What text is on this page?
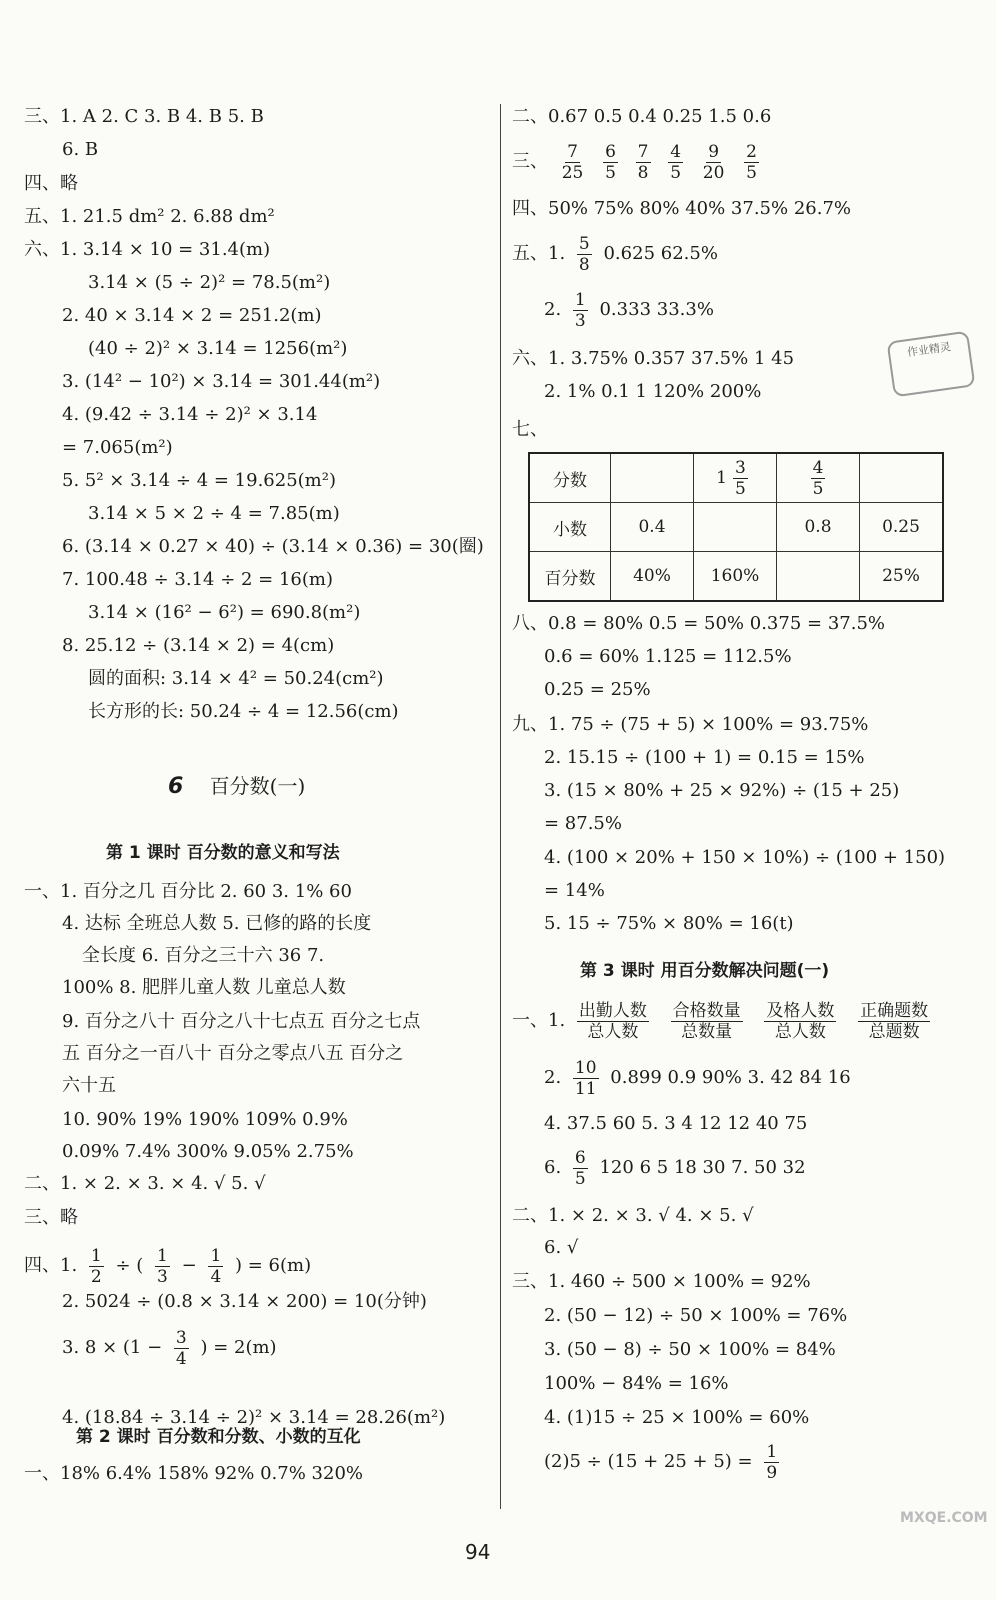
三、1. A 2. C 3. B 4. B 5. B
6. B
四、略
五、1. 21.5 dm² 2. 6.88 dm²
六、1. 3.14 × 10 = 31.4(m)
3.14 × (5 ÷ 2)² = 78.5(m²)
2. 40 × 3.14 × 2 = 251.2(m)
(40 ÷ 2)² × 3.14 = 1256(m²)
3. (14² − 10²) × 3.14 = 301.44(m²)
4. (9.42 ÷ 3.14 ÷ 2)² × 3.14
= 7.065(m²)
5. 5² × 3.14 ÷ 4 = 19.625(m²)
3.14 × 5 × 2 ÷ 4 = 7.85(m)
6. (3.14 × 0.27 × 40) ÷ (3.14 × 0.36) = 30(圈)
7. 100.48 ÷ 3.14 ÷ 2 = 16(m)
3.14 × (16² − 6²) = 690.8(m²)
8. 25.12 ÷ (3.14 × 2) = 4(cm)
圆的面积: 3.14 × 4² = 50.24(cm²)
长方形的长: 50.24 ÷ 4 = 12.56(cm)
6 百分数(一)
第 1 课时 百分数的意义和写法
一、1. 百分之几 百分比 2. 60 3. 1% 60
4. 达标 全班总人数 5. 已修的路的长度
全长度 6. 百分之三十六 36 7.
100% 8. 肥胖儿童人数 儿童总人数
9. 百分之八十 百分之八十七点五 百分之七点
五 百分之一百八十 百分之零点八五 百分之
六十五
10. 90% 19% 190% 109% 0.9%
0.09% 7.4% 300% 9.05% 2.75%
二、1. × 2. × 3. × 4. √ 5. √
三、略
四、1. $\frac{1}{2}$ ÷ ( $\frac{1}{3} - \frac{1}{4}$ ) = 6(m)
2. 5024 ÷ (0.8 × 3.14 × 200) = 10(分钟)
3. $8 \times (1 - \frac{3}{4}$ ) = 2(m)
4. (18.84 ÷ 3.14 ÷ 2)² × 3.14 = 28.26(m²)
第 2 课时 百分数和分数、小数的互化
一、18% 6.4% 158% 92% 0.7% 320%
二、0.67 0.5 0.4 0.25 1.5 0.6
三、 $\frac{7}{25}$
$\frac{6}{5}$
$\frac{7}{8}$
$\frac{4}{5}$
$\frac{9}{20}$
$\frac{2}{5}$
四、50% 75% 80% 40% 37.5% 26.7%
五、1. $\frac{5}{8} 0.625$ 62.5%
2. $\frac{1}{3} 0.333$ 33.3%
六、1. 3.75% 0.357 37.5% 1 45
2. 1% 0.1 1 120% 200%
七、
分数		$1 \frac{3}{5}$	$\frac{4}{5}$

小数	0.4		0.8	0.25
百分数	40%	160%		25%
八、0.8 = 80% 0.5 = 50% 0.375 = 37.5%
0.6 = 60% 1.125 = 112.5%
0.25 = 25%
九、1. 75 ÷ (75 + 5) × 100% = 93.75%
2. 15.15 ÷ (100 + 1) = 0.15 = 15%
3. (15 × 80% + 25 × 92%) ÷ (15 + 25)
= 87.5%
4. (100 × 20% + 150 × 10%) ÷ (100 + 150)
= 14%
5. 15 ÷ 75% × 80% = 16(t)
第 3 课时 用百分数解决问题(一)
一、1. $\frac{\text{出勤人数}}{\text{总人数}}$
$\frac{\text{合格数量}}{\text{总数量}}$
$\frac{\text{及格人数}}{\text{总人数}}$
$\frac{\text{正确题数}}{\text{总题数}}$
2. $\frac{10}{11} 0.899$ 0.9 90% 3. 42 84 16
4. 37.5 60 5. 3 4 12 12 40 75
6. $\frac{6}{5} 120$ 6 5 18 30 7. 50 32
二、1. × 2. × 3. √ 4. × 5. √
6. √
三、1. 460 ÷ 500 × 100% = 92%
2. (50 − 12) ÷ 50 × 100% = 76%
3. (50 − 8) ÷ 50 × 100% = 84%
100% − 84% = 16%
4. (1)15 ÷ 25 × 100% = 60%
$(2)5 \div (15 + 25 + 5) = \frac{1}{9}$
作业精灵
94
MXQE.COM
